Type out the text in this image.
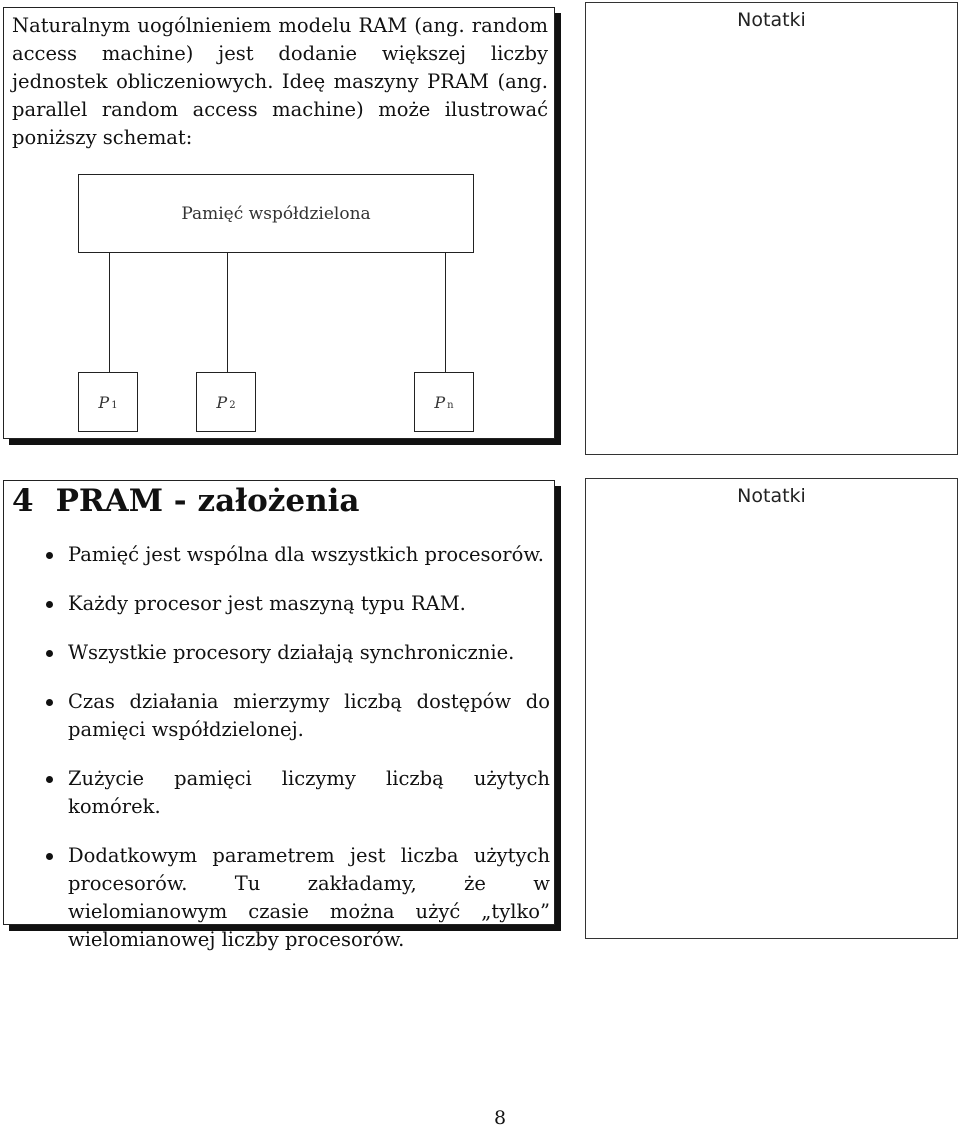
Naturalnym uogólnieniem modelu RAM (ang. random access machine) jest dodanie większej liczby jednostek obliczeniowych. Ideę maszyny PRAM (ang. parallel random access machine) może ilustrować poniższy schemat:

Pamięć współdzielona
$P_1$	$P_2$	$P_n$
Notatki
4 PRAM - założenia
Pamięć jest wspólna dla wszystkich procesorów.
Każdy procesor jest maszyną typu RAM.
Wszystkie procesory działają synchronicznie.
Czas działania mierzymy liczbą dostępów do pamięci współdzielonej.
Zużycie pamięci liczymy liczbą użytych komórek.
Dodatkowym parametrem jest liczba użytych procesorów. Tu zakładamy, że w wielomianowym czasie można użyć „tylko” wielomianowej liczby procesorów.
Notatki
8
